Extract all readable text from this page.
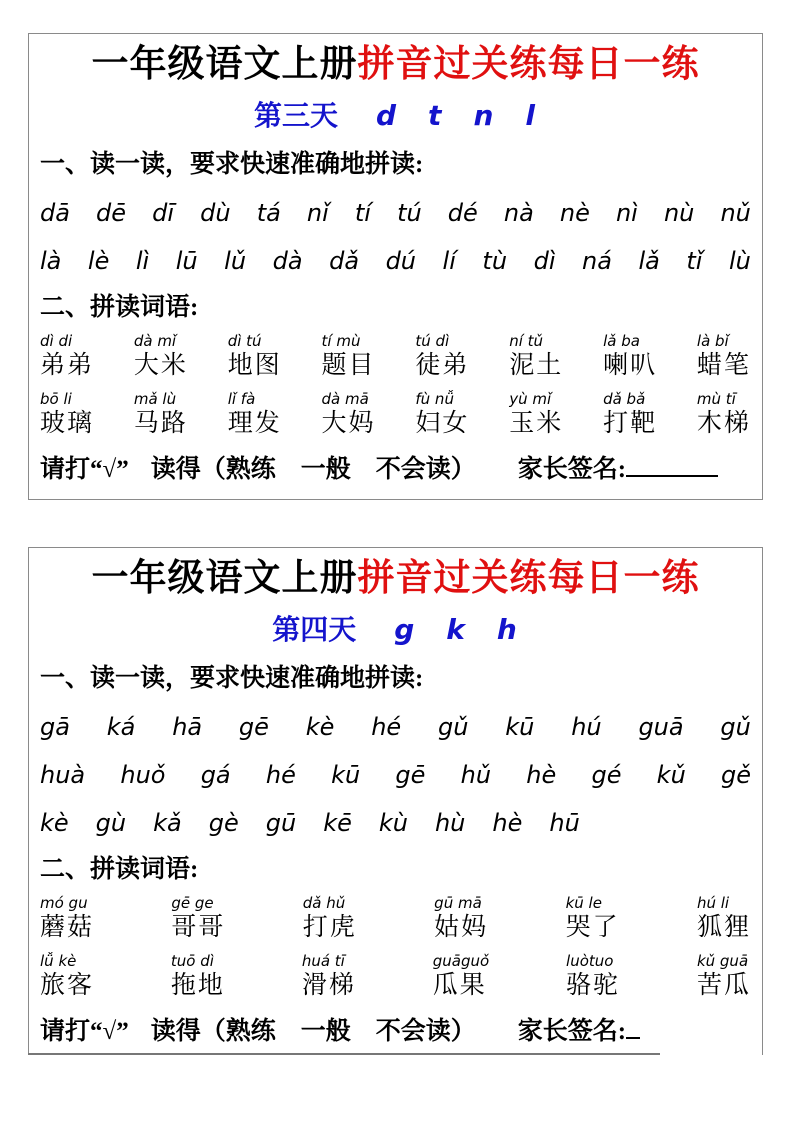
一年级语文上册拼音过关练每日一练
第三天 d t n l
一、读一读，要求快速准确地拼读:
dā dē dī dù tá nǐ tí tú dé nà nè nì nù nǔ
là lè lì lū lǔ dà dǎ dú lí tù dì ná lǎ tǐ lù
二、拼读词语:
dì di
弟弟
dà mǐ
大米
dì tú
地图
tí mù
题目
tú dì
徒弟
ní tǔ
泥土
lǎ ba
喇叭
là bǐ
蜡笔
bō li
玻璃
mǎ lù
马路
lǐ fà
理发
dà mā
大妈
fù nǚ
妇女
yù mǐ
玉米
dǎ bǎ
打靶
mù tī
木梯
请打“√” 读得（熟练　一般　不会读） 家长签名:
一年级语文上册拼音过关练每日一练
第四天 g k h
一、读一读，要求快速准确地拼读:
gā ká hā gē kè hé gǔ kū hú guā gǔ
huà huǒ gá hé kū gē hǔ hè gé kǔ gě
kè gù kǎ gè gū kē kù hù hè hū
二、拼读词语:
mó gu
蘑菇
gē ge
哥哥
dǎ hǔ
打虎
gū mā
姑妈
kū le
哭了
hú li
狐狸
lǚ kè
旅客
tuō dì
拖地
huá tī
滑梯
guāguǒ
瓜果
luòtuo
骆驼
kǔ guā
苦瓜
请打“√” 读得（熟练　一般　不会读） 家长签名:
